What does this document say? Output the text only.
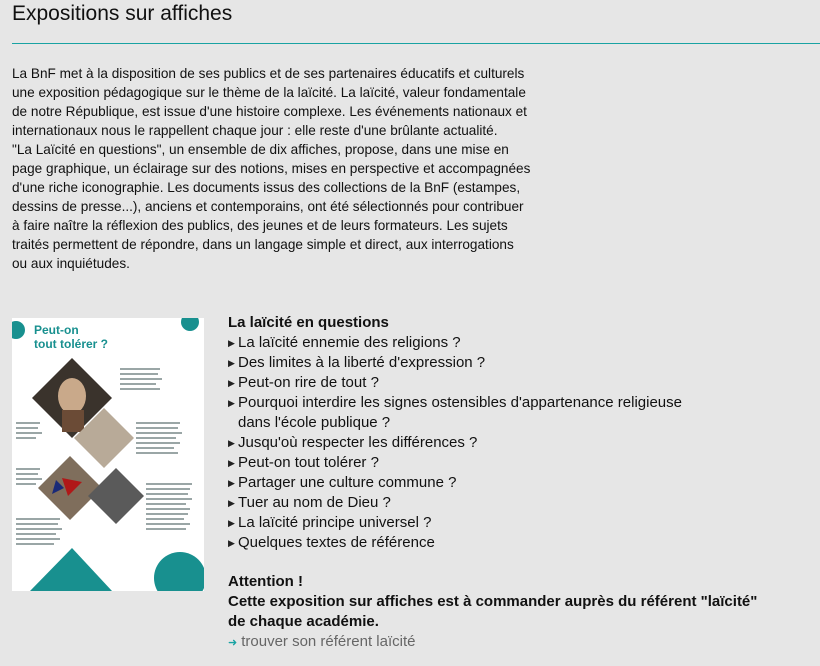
Expositions sur affiches

La BnF met à la disposition de ses publics et de ses partenaires éducatifs et culturels une exposition pédagogique sur le thème de la laïcité. La laïcité, valeur fondamentale de notre République, est issue d'une histoire complexe. Les événements nationaux et internationaux nous le rappellent chaque jour : elle reste d'une brûlante actualité.

"La Laïcité en questions", un ensemble de dix affiches, propose, dans une mise en page graphique, un éclairage sur des notions, mises en perspective et accompagnées d'une riche iconographie. Les documents issus des collections de la BnF (estampes, dessins de presse...), anciens et contemporains, ont été sélectionnés pour contribuer à faire naître la réflexion des publics, des jeunes et de leurs formateurs. Les sujets traités permettent de répondre, dans un langage simple et direct, aux interrogations ou aux inquiétudes.

Peut-on
tout tolérer ?
La laïcité en questions
▶ La laïcité ennemie des religions ?
▶ Des limites à la liberté d'expression ?
▶ Peut-on rire de tout ?
▶ Pourquoi interdire les signes ostensibles d'appartenance religieuse
dans l'école publique ?
▶ Jusqu'où respecter les différences ?
▶ Peut-on tout tolérer ?
▶ Partager une culture commune ?
▶ Tuer au nom de Dieu ?
▶ La laïcité principe universel ?
▶ Quelques textes de référence
Attention !
Cette exposition sur affiches est à commander auprès du référent "laïcité"
de chaque académie.
➜ trouver son référent laïcité
